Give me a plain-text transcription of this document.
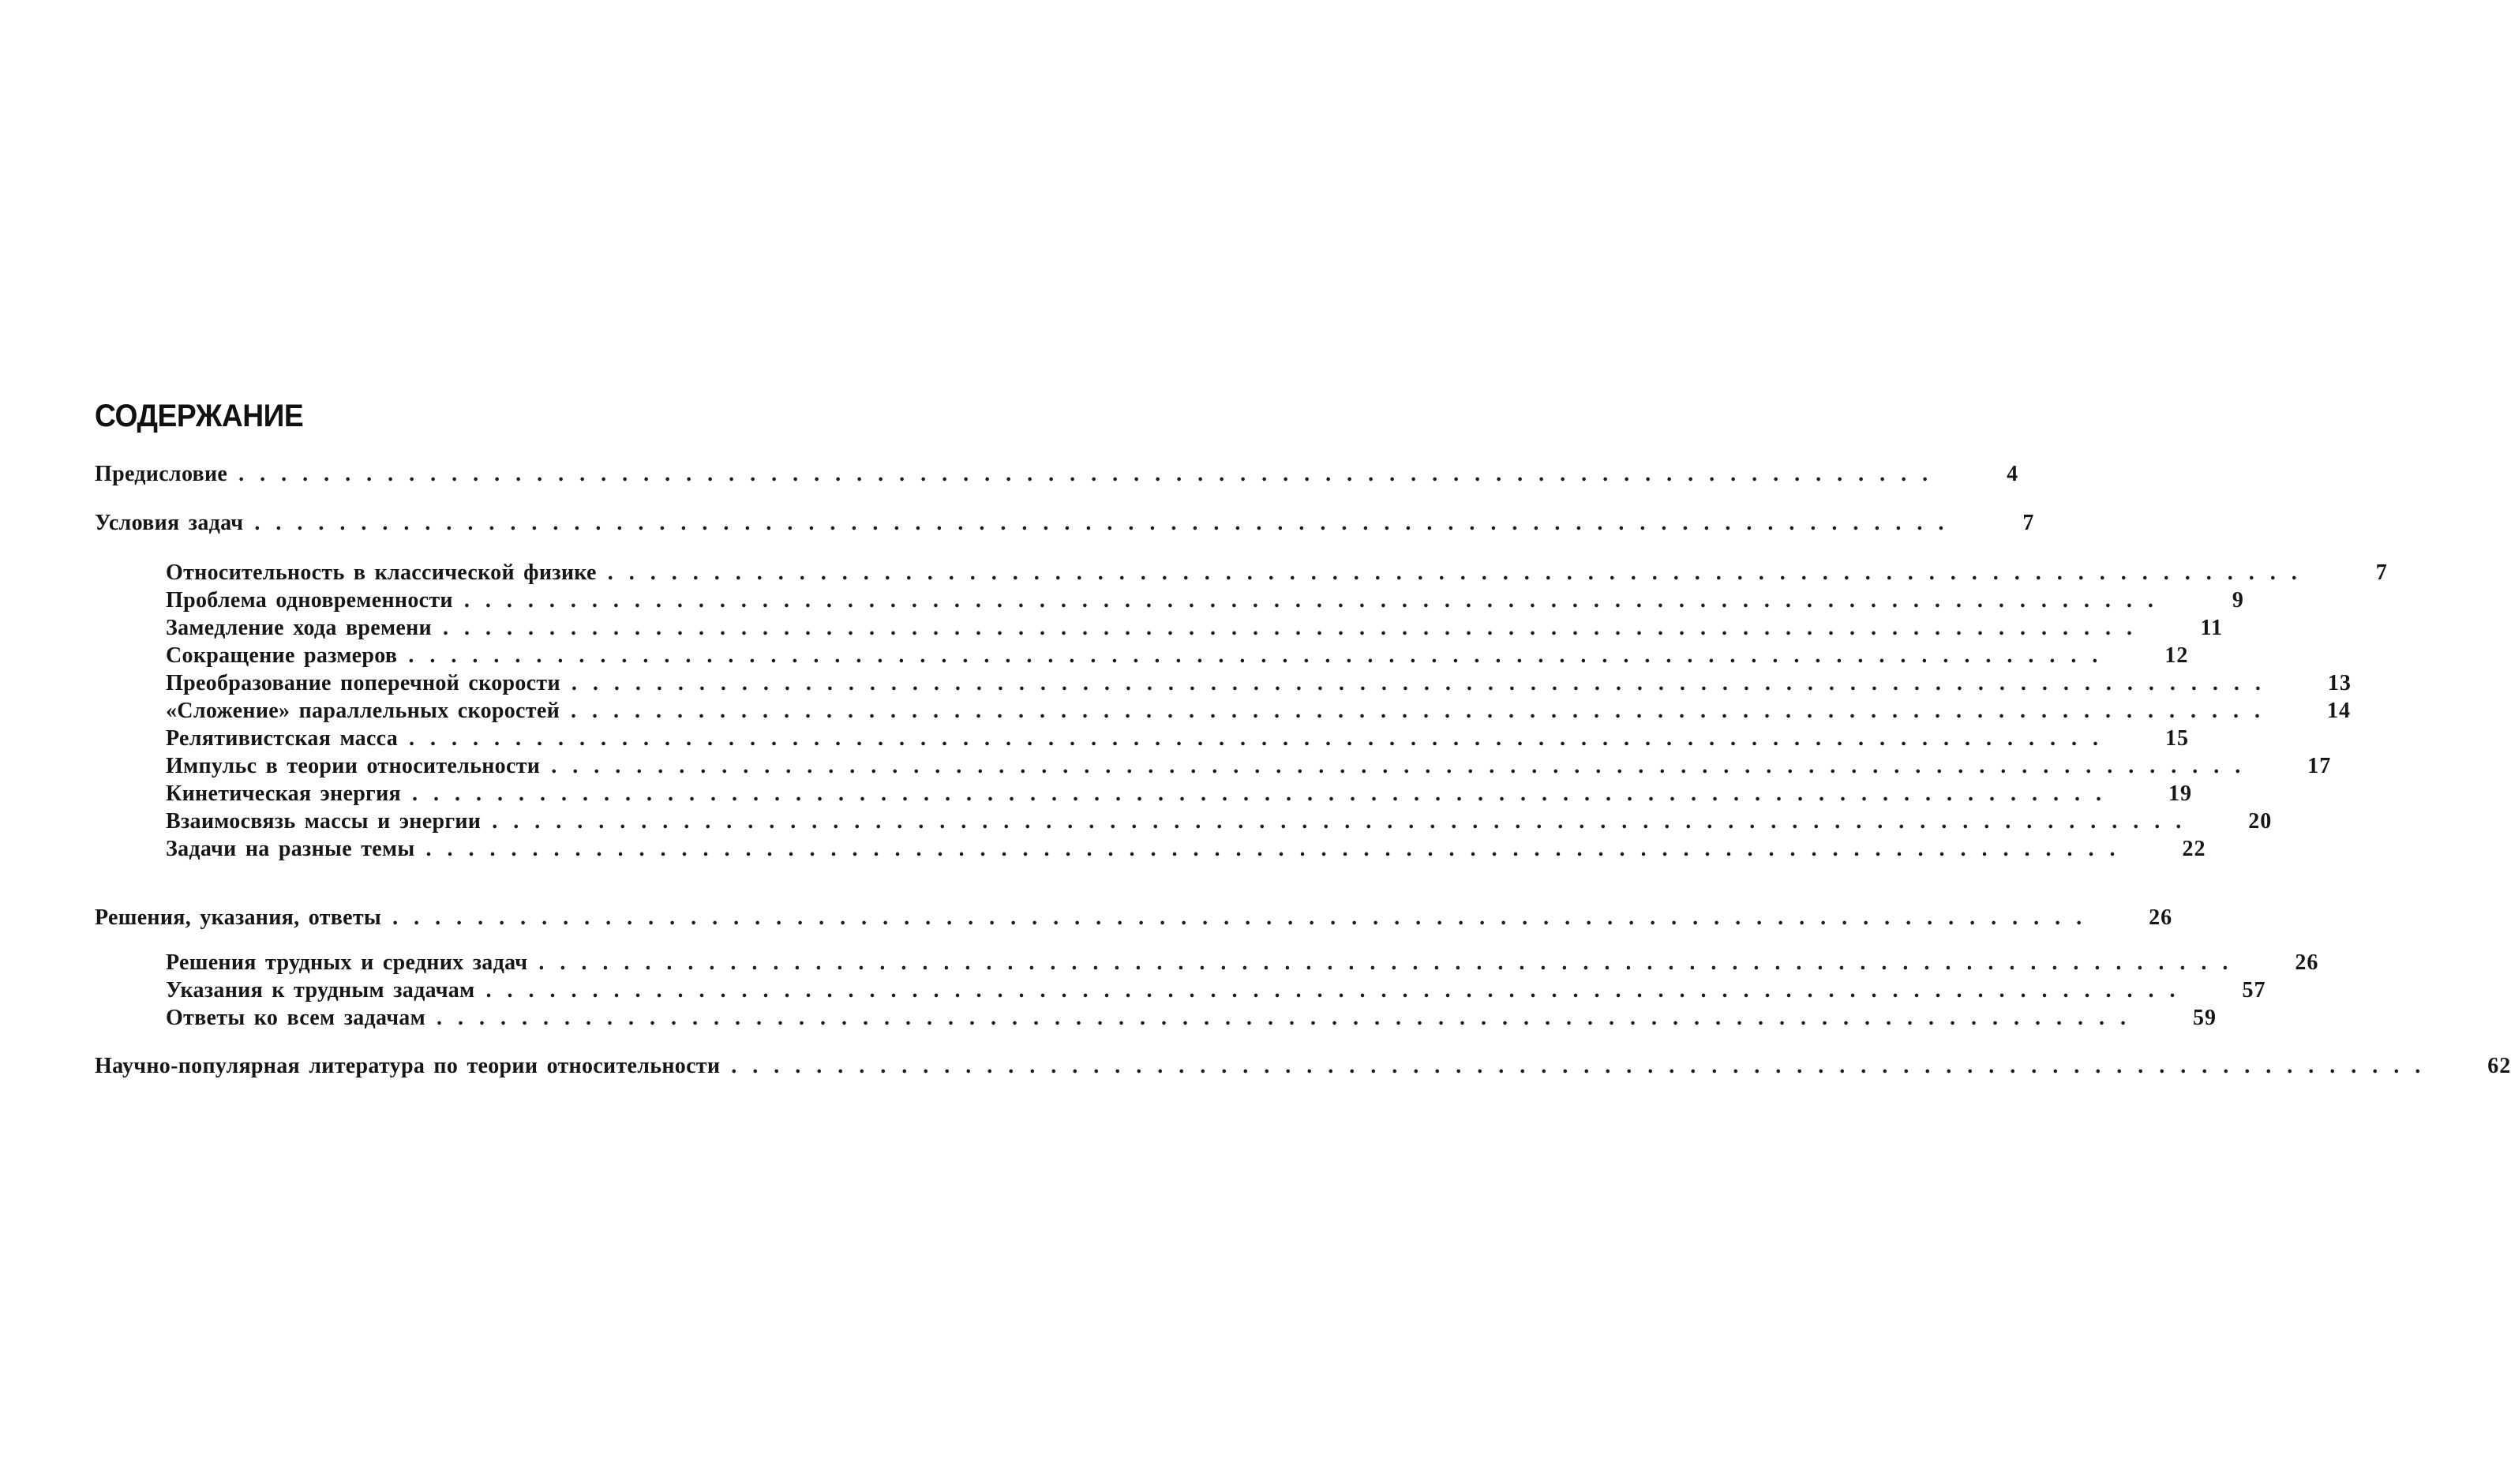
СОДЕРЖАНИЕ
Предисловие ................................................................................	4
Условия задач ................................................................................	7
Относительность в классической физике ................................................................................	7
Проблема одновременности ................................................................................	9
Замедление хода времени ................................................................................	11
Сокращение размеров ................................................................................	12
Преобразование поперечной скорости ................................................................................	13
«Сложение» параллельных скоростей ................................................................................	14
Релятивистская масса ................................................................................	15
Импульс в теории относительности ................................................................................	17
Кинетическая энергия ................................................................................	19
Взаимосвязь массы и энергии ................................................................................	20
Задачи на разные темы ................................................................................	22
Решения, указания, ответы ................................................................................	26
Решения трудных и средних задач ................................................................................	26
Указания к трудным задачам ................................................................................	57
Ответы ко всем задачам ................................................................................	59
Научно-популярная литература по теории относительности ................................................................................	62
